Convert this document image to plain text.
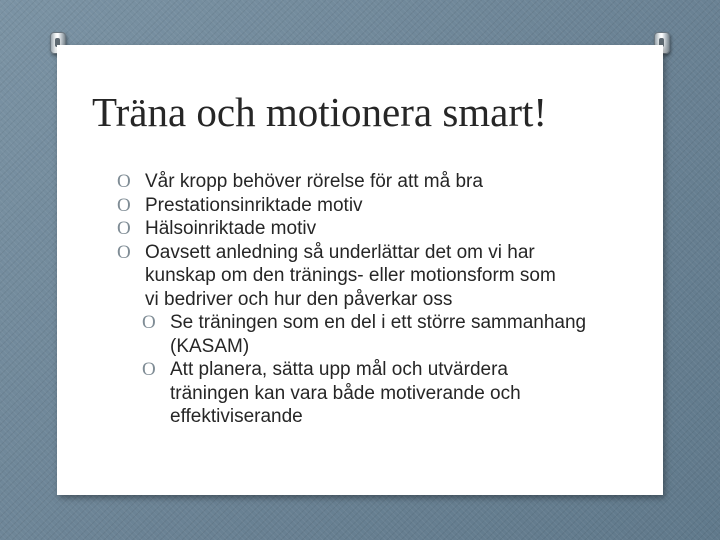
Träna och motionera smart!
O Vår kropp behöver rörelse för att må bra
O Prestationsinriktade motiv
O Hälsoinriktade motiv
O Oavsett anledning så underlättar det om vi har kunskap om den tränings- eller motionsform som vi bedriver och hur den påverkar oss
O Se träningen som en del i ett större sammanhang (KASAM)
O Att planera, sätta upp mål och utvärdera träningen kan vara både motiverande och effektiviserande
